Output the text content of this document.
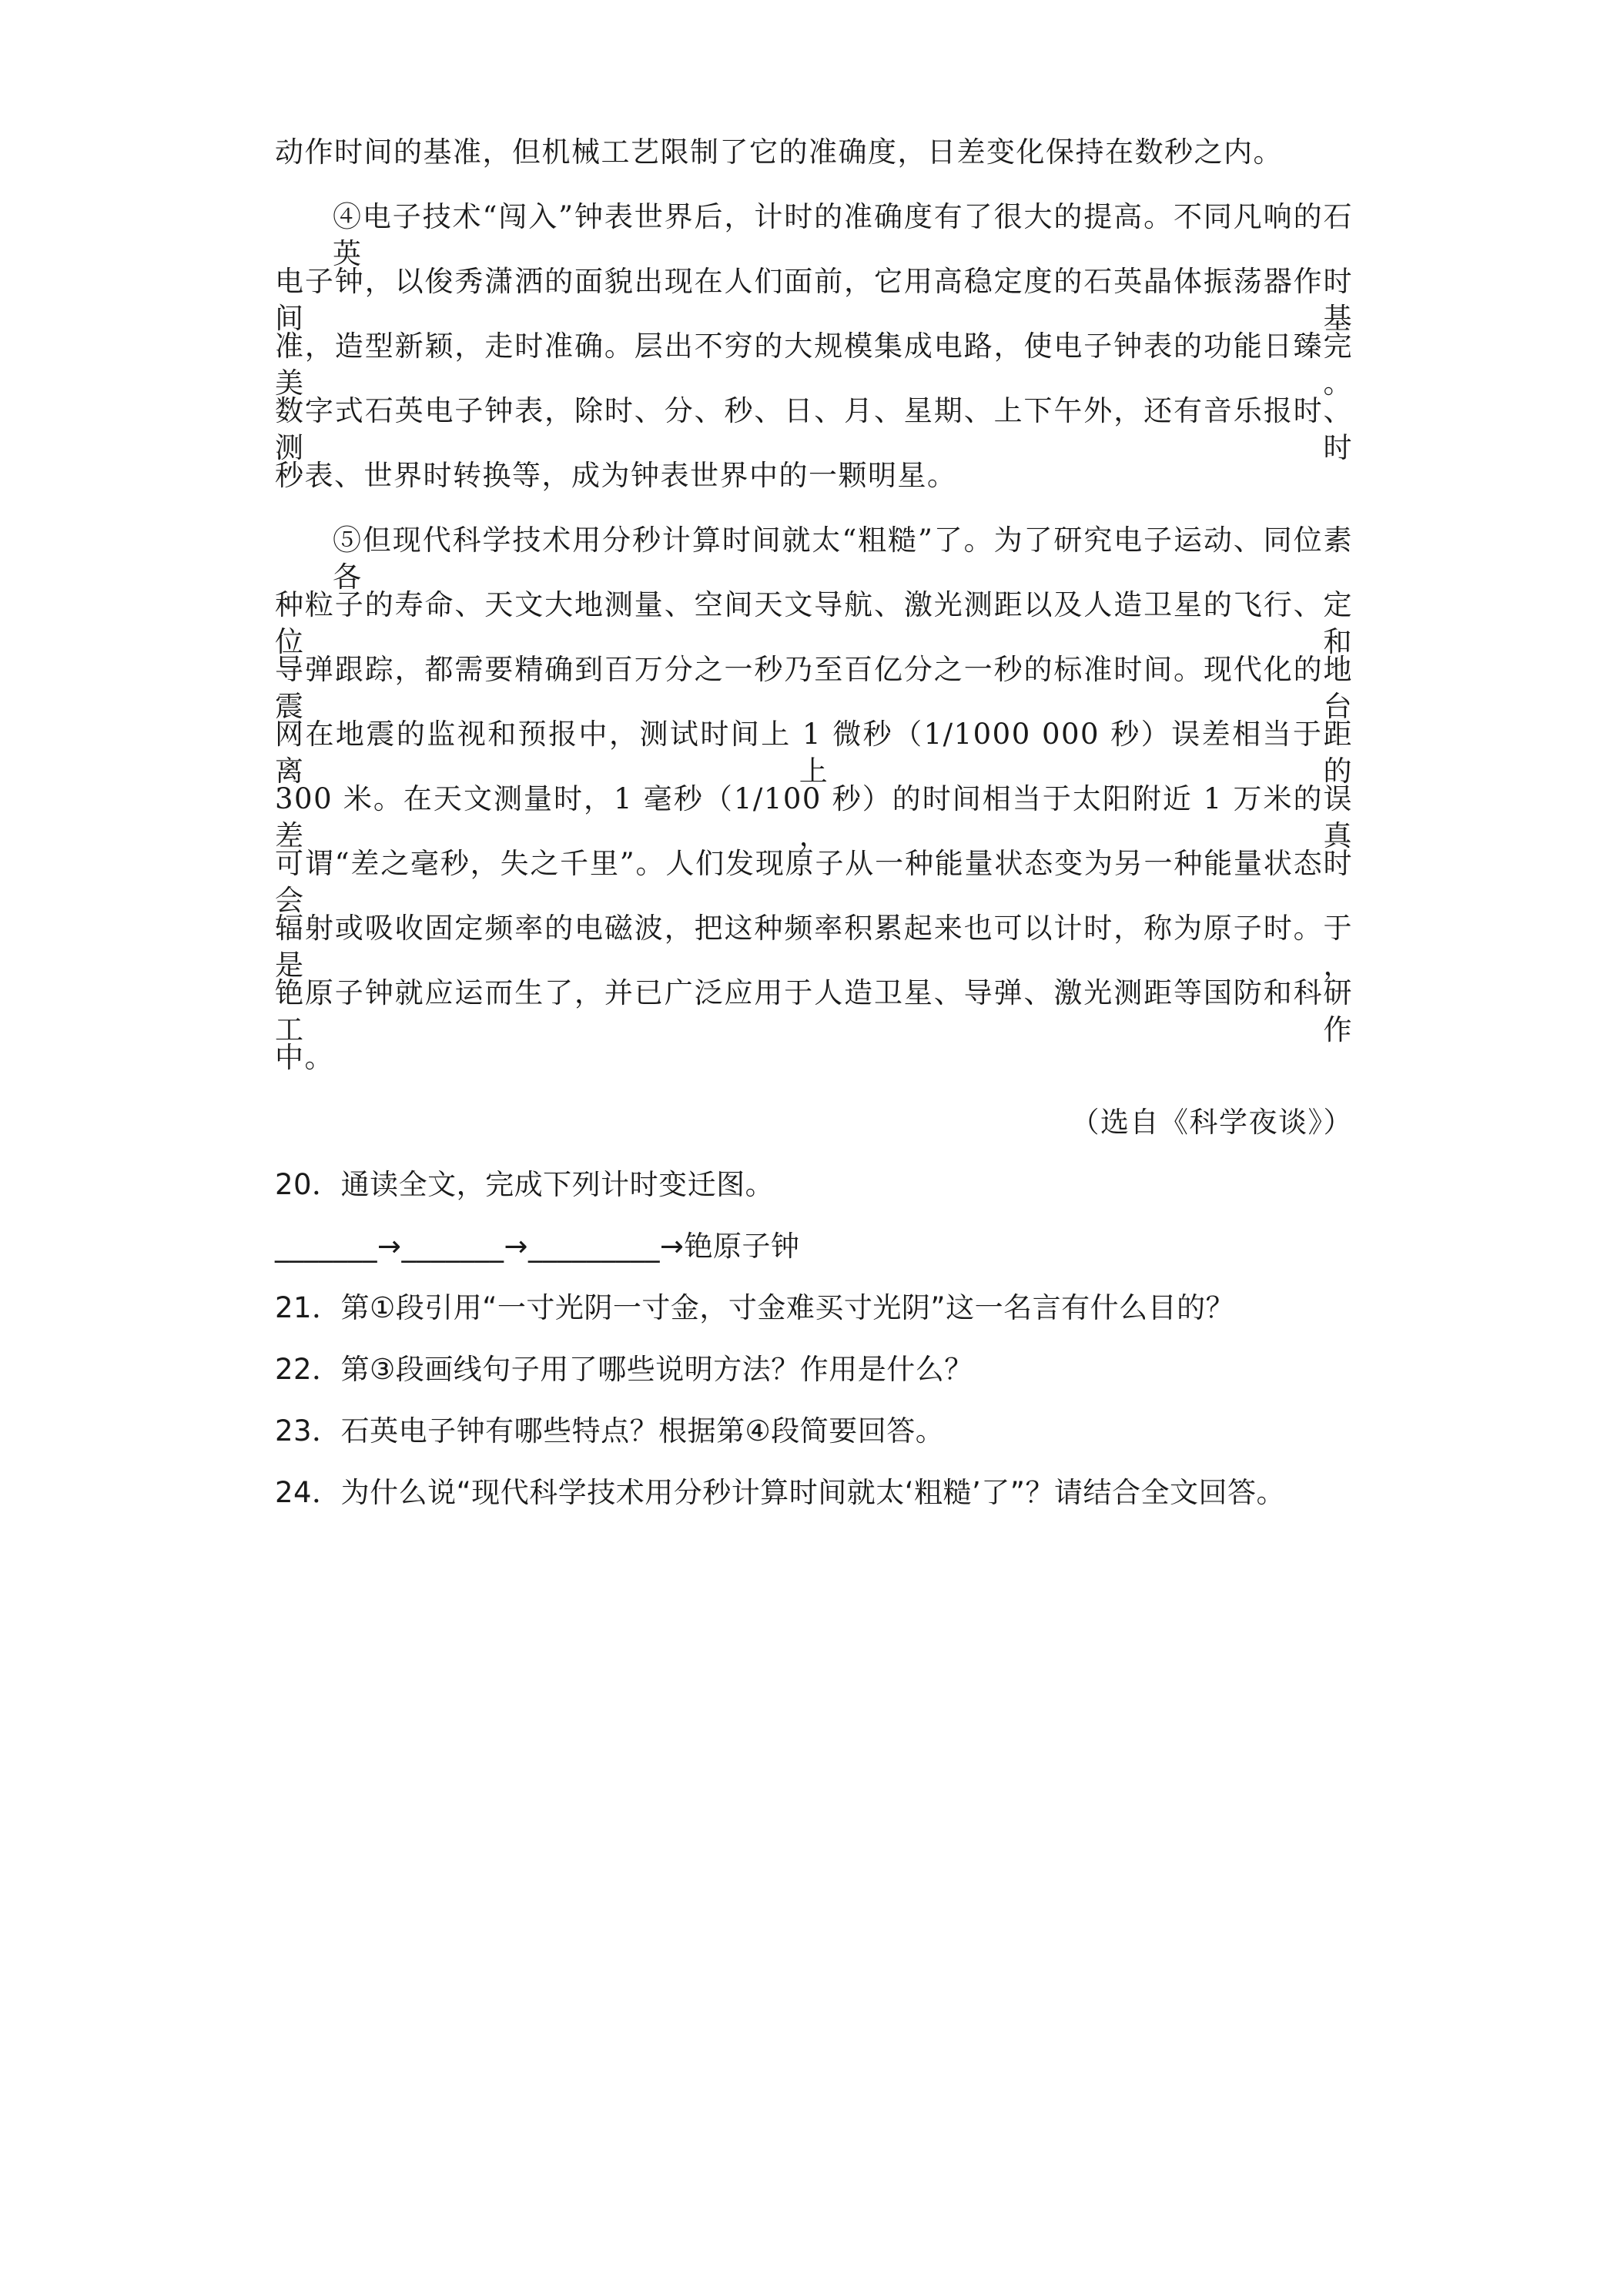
动作时间的基准，但机械工艺限制了它的准确度，日差变化保持在数秒之内。
④电子技术“闯入”钟表世界后，计时的准确度有了很大的提高。不同凡响的石英
电子钟，以俊秀潇洒的面貌出现在人们面前，它用高稳定度的石英晶体振荡器作时间基
准，造型新颖，走时准确。层出不穷的大规模集成电路，使电子钟表的功能日臻完美。
数字式石英电子钟表，除时、分、秒、日、月、星期、上下午外，还有音乐报时、测时
秒表、世界时转换等，成为钟表世界中的一颗明星。
⑤但现代科学技术用分秒计算时间就太“粗糙”了。为了研究电子运动、同位素各
种粒子的寿命、天文大地测量、空间天文导航、激光测距以及人造卫星的飞行、定位和
导弹跟踪，都需要精确到百万分之一秒乃至百亿分之一秒的标准时间。现代化的地震台
网在地震的监视和预报中，测试时间上 1 微秒（1/1000 000 秒）误差相当于距离上的
300 米。在天文测量时，1 毫秒（1/100 秒）的时间相当于太阳附近 1 万米的误差，真
可谓“差之毫秒，失之千里”。人们发现原子从一种能量状态变为另一种能量状态时会
辐射或吸收固定频率的电磁波，把这种频率积累起来也可以计时，称为原子时。于是，
铯原子钟就应运而生了，并已广泛应用于人造卫星、导弹、激光测距等国防和科研工作
中。
（选自《科学夜谈》）
20．通读全文，完成下列计时变迁图。
_______→_______→_________→铯原子钟
21．第①段引用“一寸光阴一寸金，寸金难买寸光阴”这一名言有什么目的？
22．第③段画线句子用了哪些说明方法？作用是什么？
23．石英电子钟有哪些特点？根据第④段简要回答。
24．为什么说“现代科学技术用分秒计算时间就太‘粗糙’了”？请结合全文回答。
